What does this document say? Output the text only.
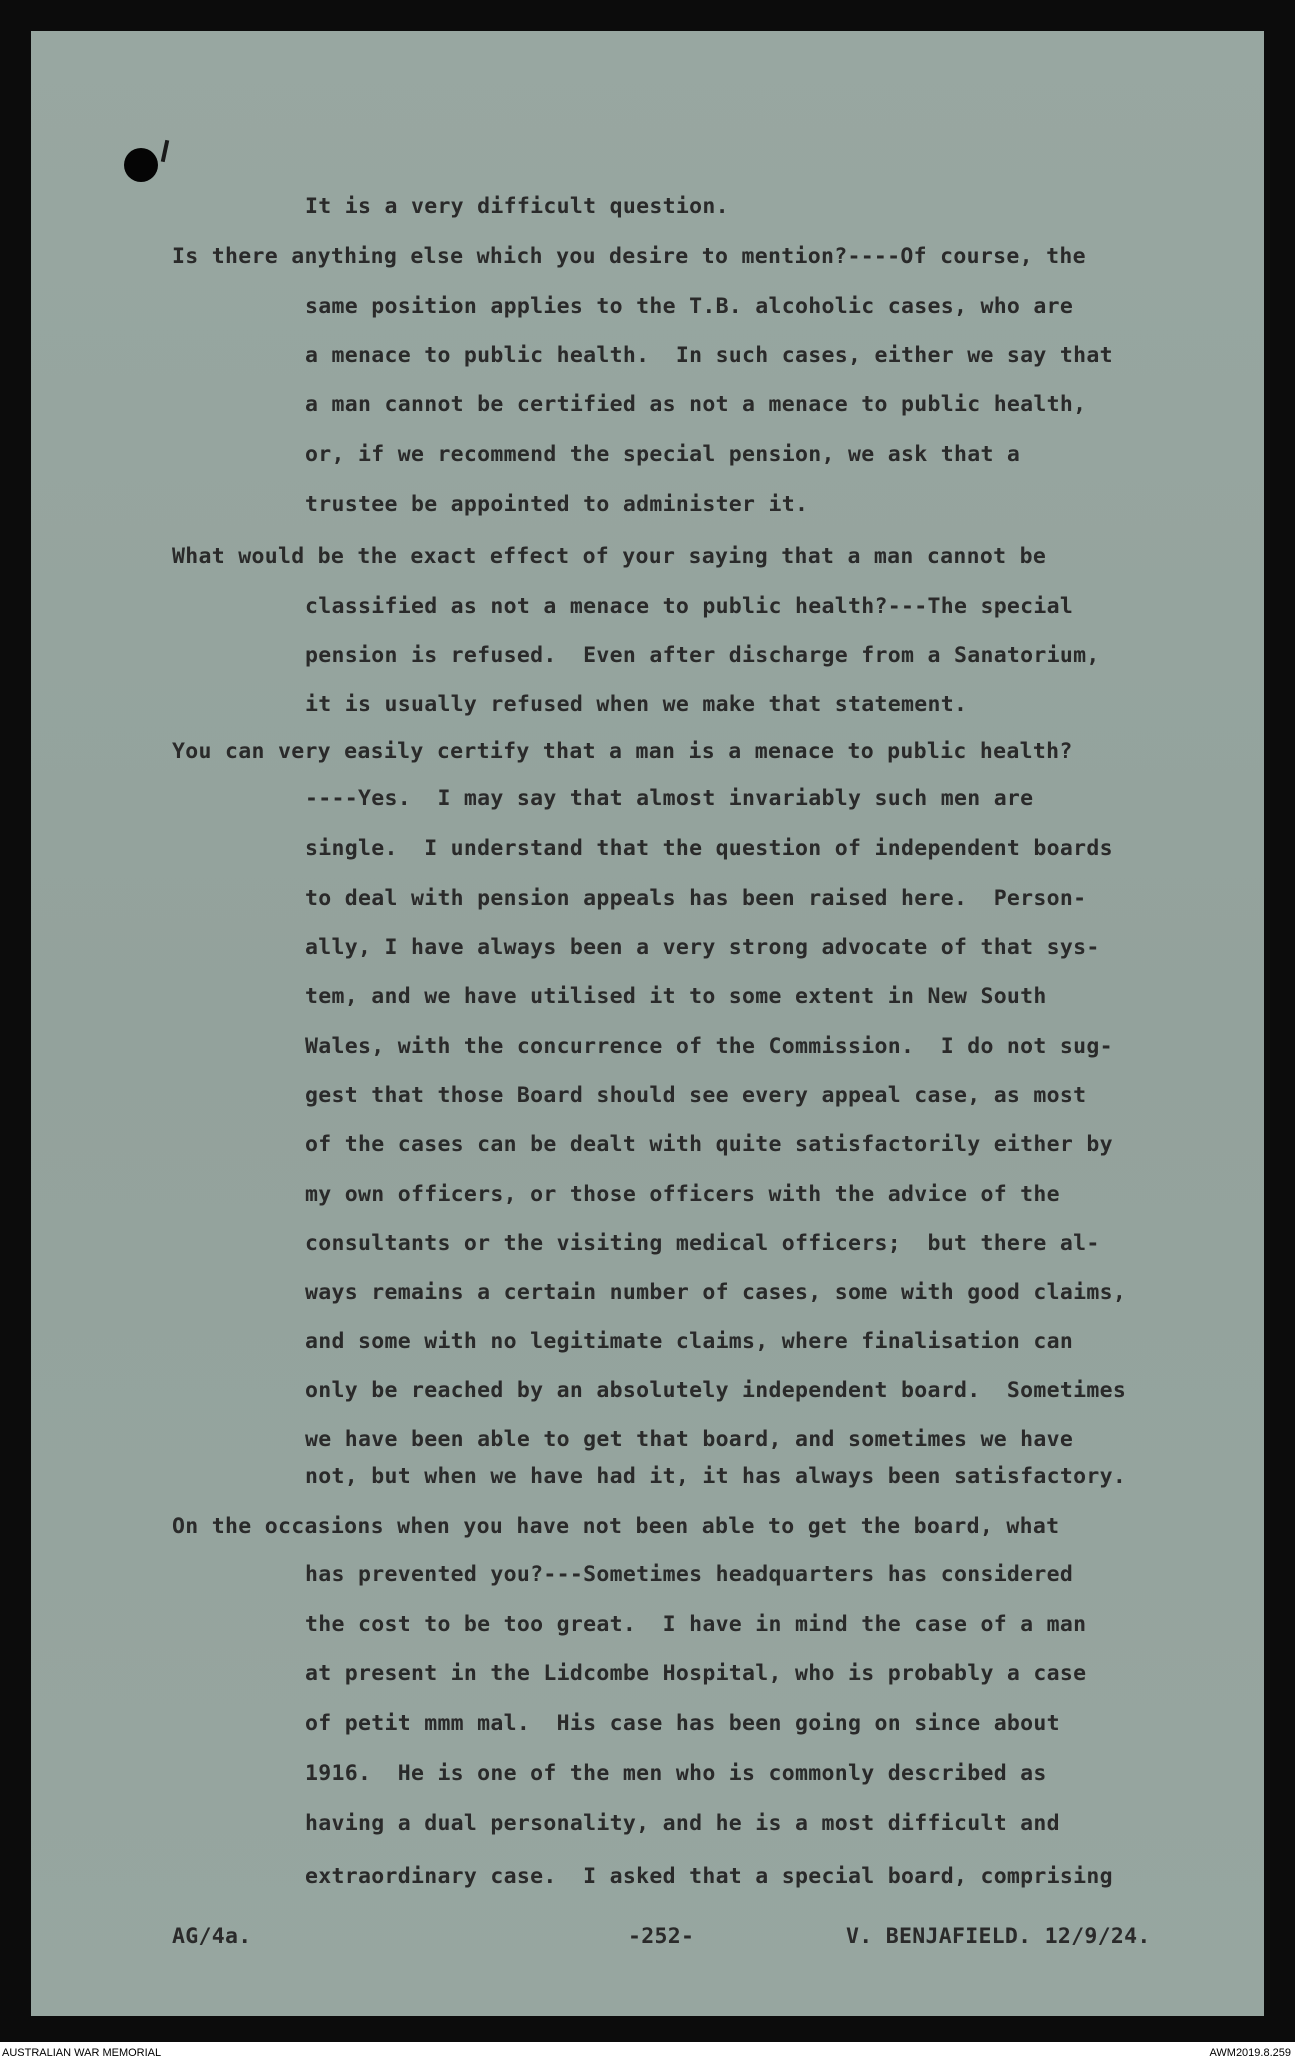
It is a very difficult question.

Is there anything else which you desire to mention?----Of course, the

same position applies to the T.B. alcoholic cases, who are

a menace to public health.  In such cases, either we say that

a man cannot be certified as not a menace to public health,

or, if we recommend the special pension, we ask that a

trustee be appointed to administer it.

What would be the exact effect of your saying that a man cannot be

classified as not a menace to public health?---The special

pension is refused.  Even after discharge from a Sanatorium,

it is usually refused when we make that statement.

You can very easily certify that a man is a menace to public health?

----Yes.  I may say that almost invariably such men are

single.  I understand that the question of independent boards

to deal with pension appeals has been raised here.  Person-

ally, I have always been a very strong advocate of that sys-

tem, and we have utilised it to some extent in New South

Wales, with the concurrence of the Commission.  I do not sug-

gest that those Board should see every appeal case, as most

of the cases can be dealt with quite satisfactorily either by

my own officers, or those officers with the advice of the

consultants or the visiting medical officers;  but there al-

ways remains a certain number of cases, some with good claims,

and some with no legitimate claims, where finalisation can

only be reached by an absolutely independent board.  Sometimes

we have been able to get that board, and sometimes we have

not, but when we have had it, it has always been satisfactory.

On the occasions when you have not been able to get the board, what

has prevented you?---Sometimes headquarters has considered

the cost to be too great.  I have in mind the case of a man

at present in the Lidcombe Hospital, who is probably a case

of petit mmm mal.  His case has been going on since about

1916.  He is one of the men who is commonly described as

having a dual personality, and he is a most difficult and

extraordinary case.  I asked that a special board, comprising

AG/4a.	-252-	V. BENJAFIELD. 12/9/24.

AUSTRALIAN WAR MEMORIAL	AWM2019.8.259
